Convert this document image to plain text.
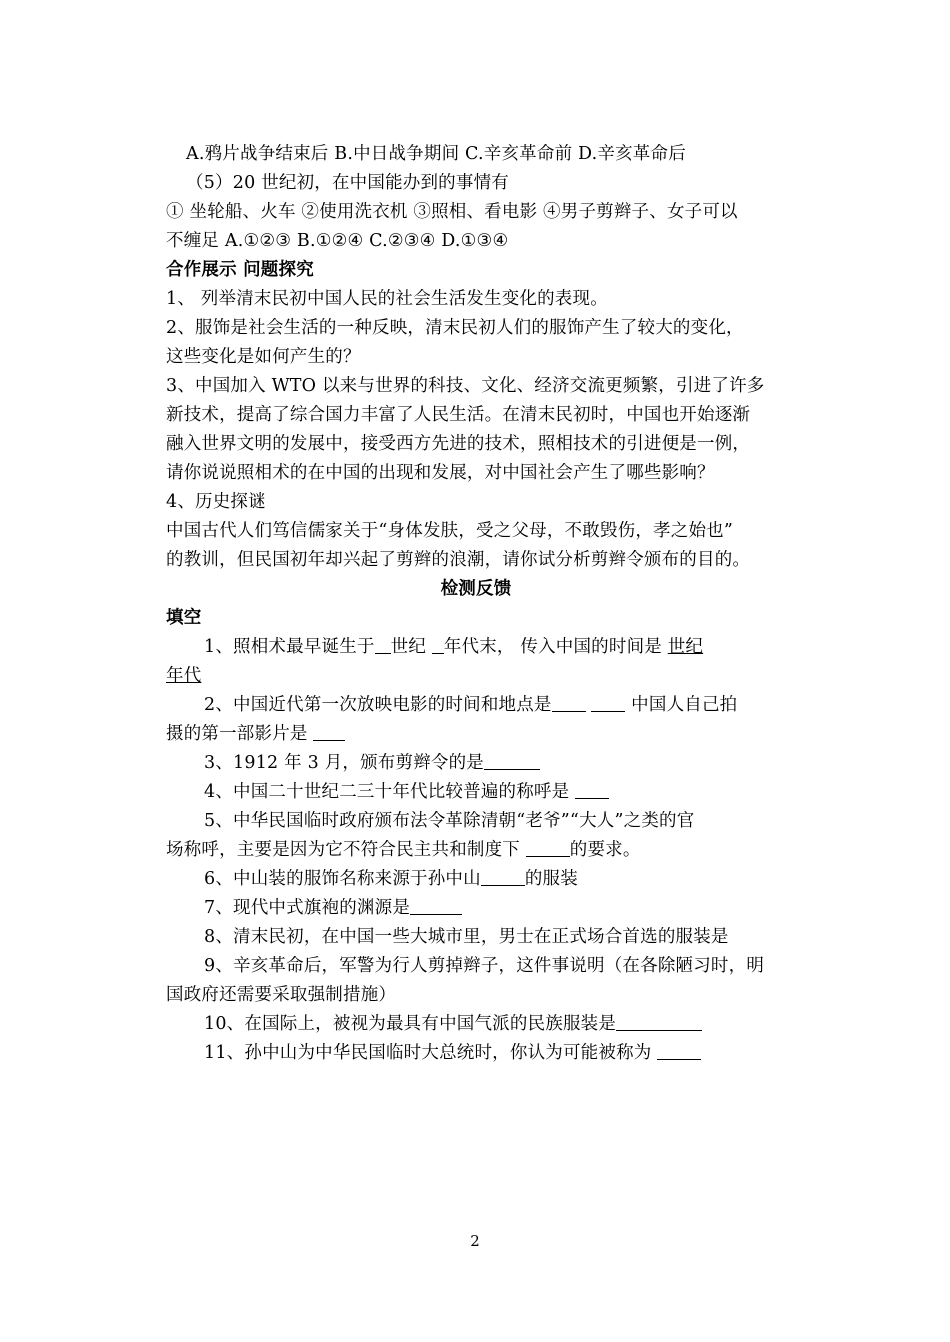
A.鸦片战争结束后 B.中日战争期间 C.辛亥革命前 D.辛亥革命后
（5）20 世纪初，在中国能办到的事情有
① 坐轮船、火车 ②使用洗衣机 ③照相、看电影 ④男子剪辫子、女子可以
不缠足 A.①②③ B.①②④ C.②③④ D.①③④
合作展示 问题探究
1、 列举清末民初中国人民的社会生活发生变化的表现。
2、服饰是社会生活的一种反映，清末民初人们的服饰产生了较大的变化，
这些变化是如何产生的？
3、中国加入 WTO 以来与世界的科技、文化、经济交流更频繁，引进了许多
新技术，提高了综合国力丰富了人民生活。在清末民初时，中国也开始逐渐
融入世界文明的发展中，接受西方先进的技术，照相技术的引进便是一例，
请你说说照相术的在中国的出现和发展，对中国社会产生了哪些影响？
4、历史探谜
中国古代人们笃信儒家关于“身体发肤，受之父母，不敢毁伤，孝之始也”
的教训，但民国初年却兴起了剪辫的浪潮，请你试分析剪辫令颁布的目的。
检测反馈
填空
1、照相术最早诞生于 世纪 年代末， 传入中国的时间是 世纪
年代
2、中国近代第一次放映电影的时间和地点是	中国人自己拍
摄的第一部影片是
3、1912 年 3 月，颁布剪辫令的是
4、中国二十世纪二三十年代比较普遍的称呼是
5、中华民国临时政府颁布法令革除清朝“老爷”“大人”之类的官
场称呼，主要是因为它不符合民主共和制度下	的要求。
6、中山装的服饰名称来源于孙中山	的服装
7、现代中式旗袍的渊源是
8、清末民初，在中国一些大城市里，男士在正式场合首选的服装是
9、辛亥革命后，军警为行人剪掉辫子，这件事说明（在各除陋习时，明
国政府还需要采取强制措施）
10、在国际上，被视为最具有中国气派的民族服装是
11、孙中山为中华民国临时大总统时，你认为可能被称为
2
